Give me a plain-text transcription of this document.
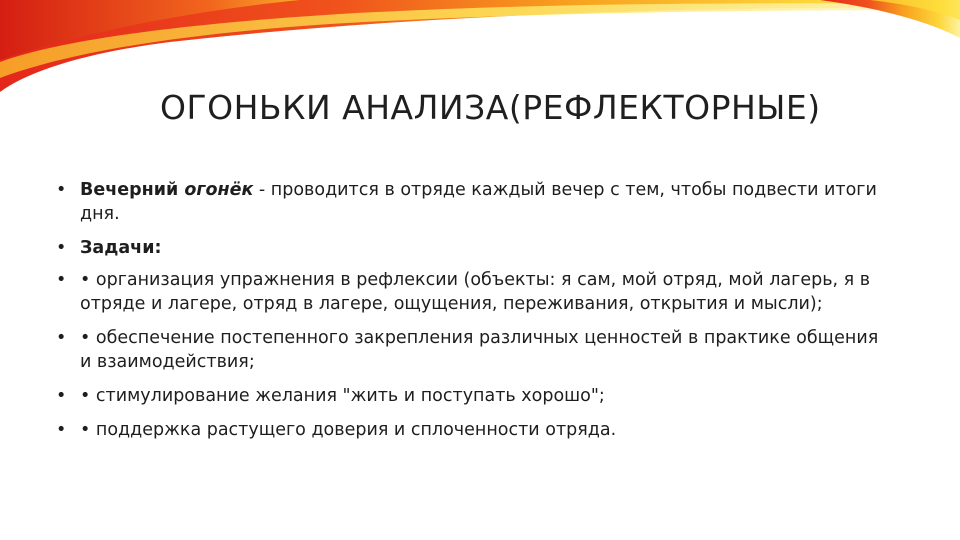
ОГОНЬКИ АНАЛИЗА(РЕФЛЕКТОРНЫЕ)
• Вечерний огонёк - проводится в отряде каждый вечер с тем, чтобы подвести итоги дня.
• Задачи:
• • организация упражнения в рефлексии (объекты: я сам, мой отряд, мой лагерь, я в отряде и лагере, отряд в лагере, ощущения, переживания, открытия и мысли);
• • обеспечение постепенного закрепления различных ценностей в практике общения и взаимодействия;
• • стимулирование желания "жить и поступать хорошо";
• • поддержка растущего доверия и сплоченности отряда.
